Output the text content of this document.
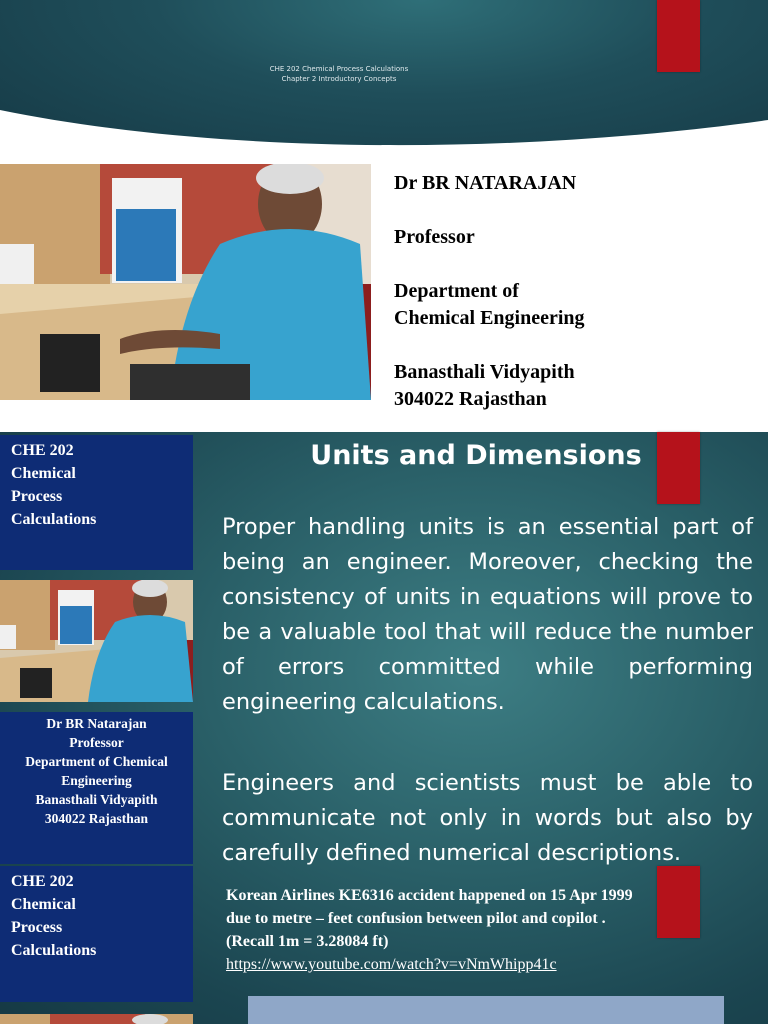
CHE 202 Chemical Process Calculations
Chapter 2 Introductory Concepts
Dr BR NATARAJAN
Professor
Department of
Chemical Engineering
Banasthali Vidyapith
304022 Rajasthan
CHE 202
Chemical
Process
Calculations
Dr BR Natarajan
Professor
Department of Chemical
Engineering
Banasthali Vidyapith
304022 Rajasthan
CHE 202
Chemical
Process
Calculations
Units and Dimensions

Proper handling units is an essential part of being an engineer. Moreover, checking the consistency of units in equations will prove to be a valuable tool that will reduce the number of errors committed while performing engineering calculations.

Engineers and scientists must be able to communicate not only in words but also by carefully defined numerical descriptions.

Korean Airlines KE6316 accident happened on 15 Apr 1999
due to metre – feet confusion between pilot and copilot .
(Recall 1m = 3.28084 ft)
https://www.youtube.com/watch?v=vNmWhipp41c
